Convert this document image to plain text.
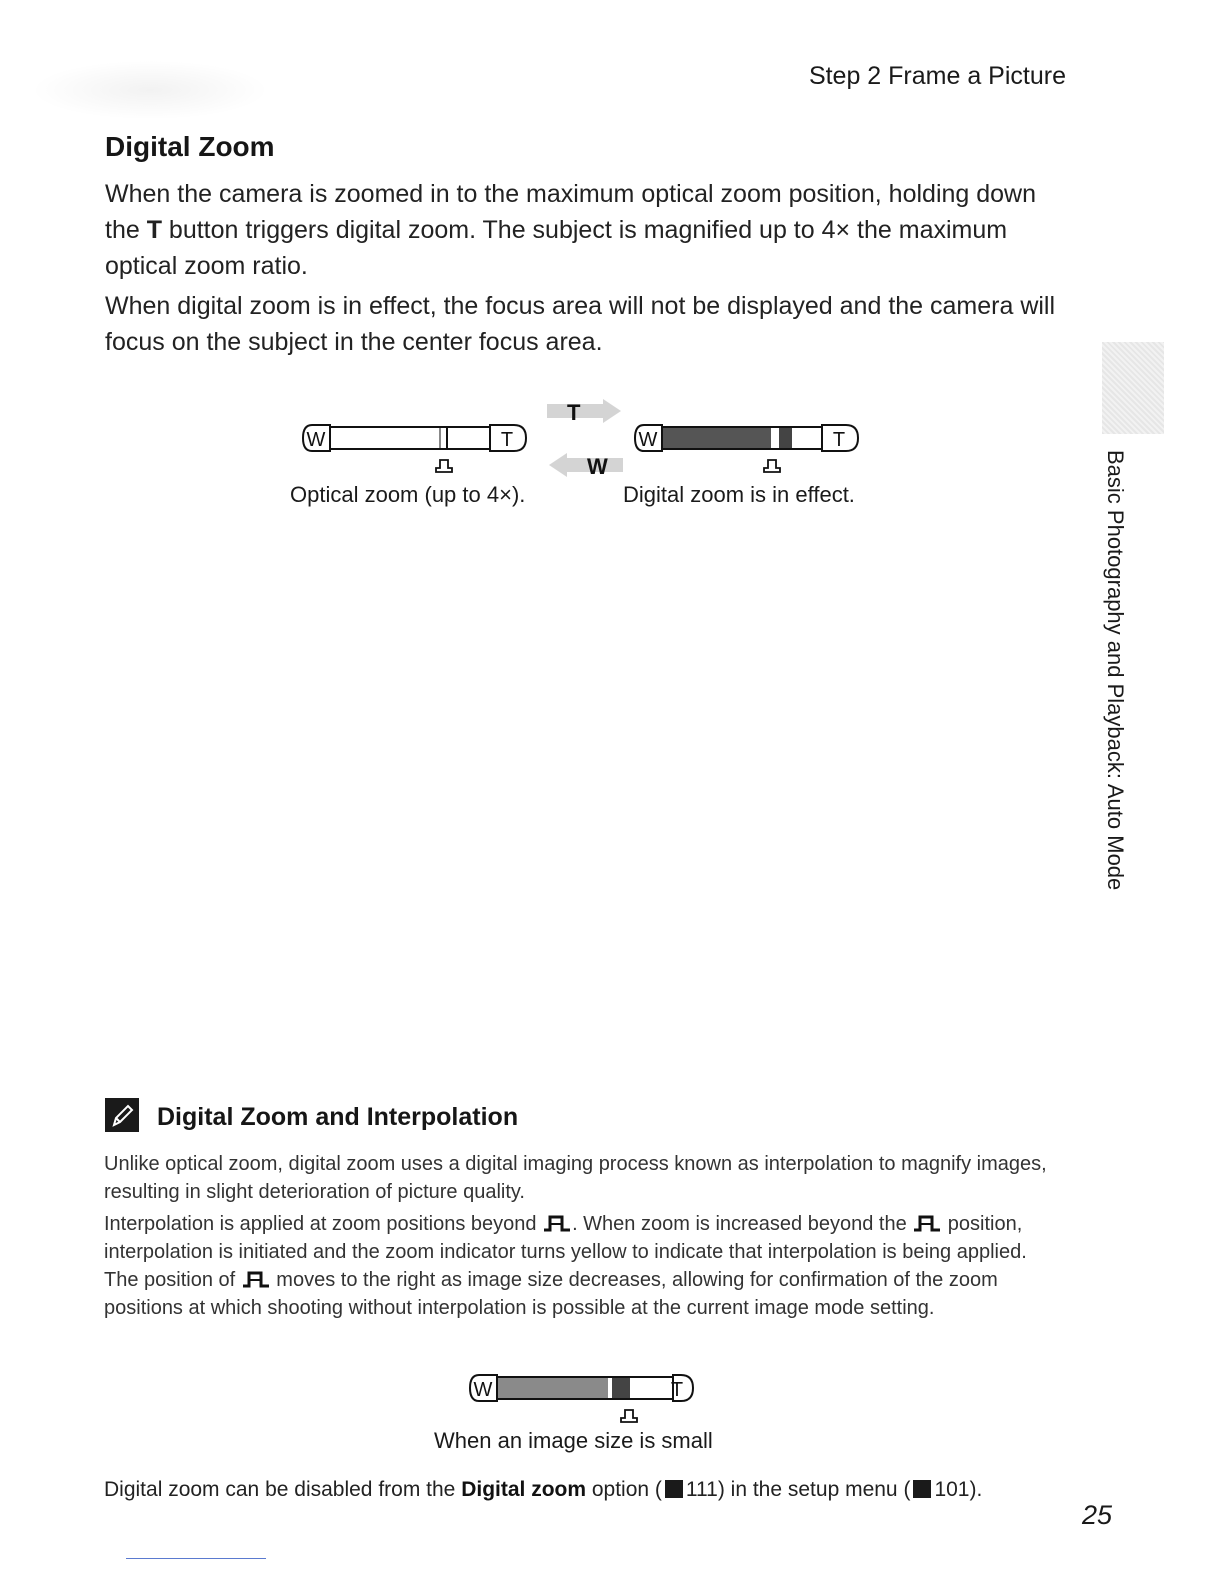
Step 2 Frame a Picture
Digital Zoom
When the camera is zoomed in to the maximum optical zoom position, holding down the T button triggers digital zoom. The subject is magnified up to 4× the maximum optical zoom ratio.
When digital zoom is in effect, the focus area will not be displayed and the camera will focus on the subject in the center focus area.
W	T
T
W
W	T
Optical zoom (up to 4×).	Digital zoom is in effect.	Basic Photography and Playback: Auto Mode
Digital Zoom and Interpolation
Unlike optical zoom, digital zoom uses a digital imaging process known as interpolation to magnify images, resulting in slight deterioration of picture quality.
Interpolation is applied at zoom positions beyond . When zoom is increased beyond the  position, interpolation is initiated and the zoom indicator turns yellow to indicate that interpolation is being applied. The position of  moves to the right as image size decreases, allowing for confirmation of the zoom positions at which shooting without interpolation is possible at the current image mode setting.
W	T
When an image size is small
Digital zoom can be disabled from the Digital zoom option ( 111) in the setup menu ( 101).
25
